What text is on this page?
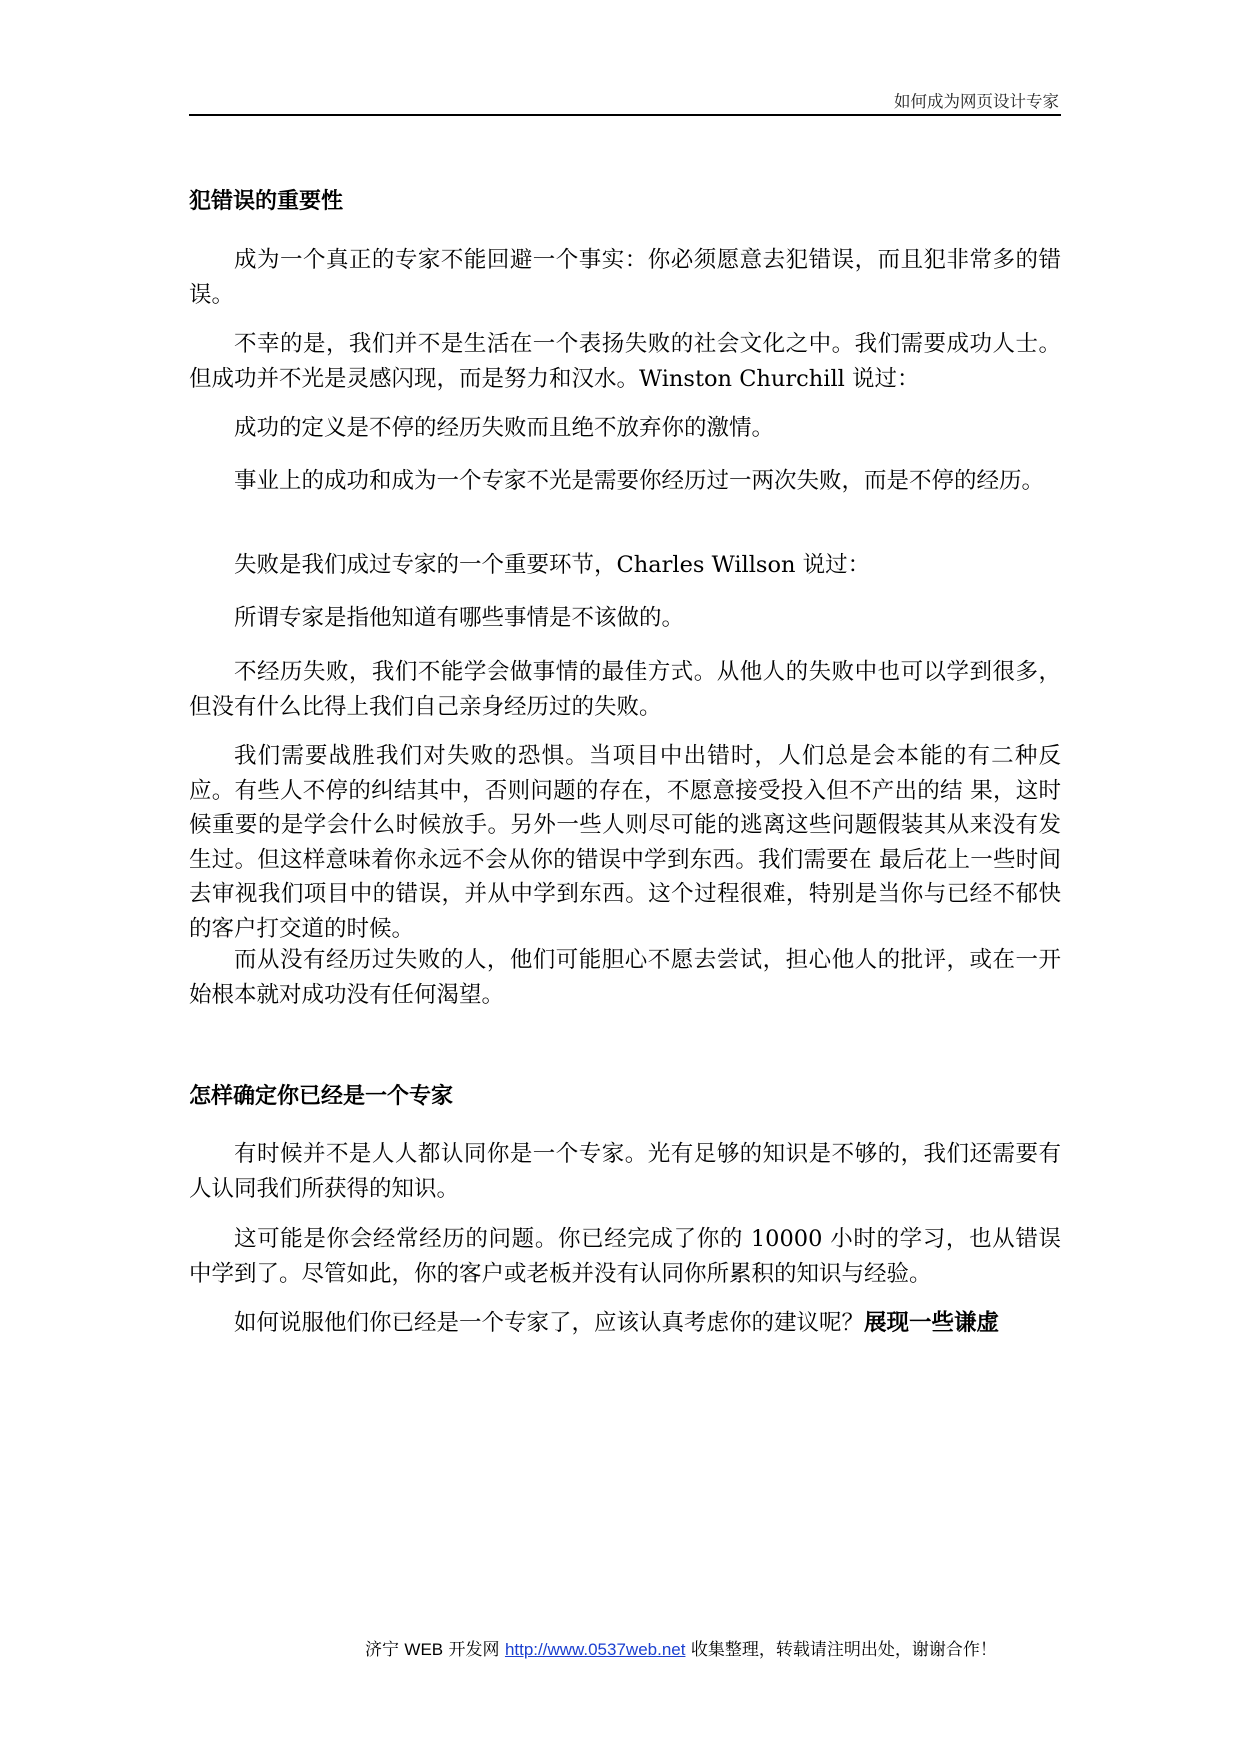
如何成为网页设计专家
犯错误的重要性

成为一个真正的专家不能回避一个事实：你必须愿意去犯错误，而且犯非常多的错误。

不幸的是，我们并不是生活在一个表扬失败的社会文化之中。我们需要成功人士。但成功并不光是灵感闪现，而是努力和汉水。Winston Churchill 说过：

成功的定义是不停的经历失败而且绝不放弃你的激情。

事业上的成功和成为一个专家不光是需要你经历过一两次失败，而是不停的经历。

失败是我们成过专家的一个重要环节，Charles Willson 说过：

所谓专家是指他知道有哪些事情是不该做的。

不经历失败，我们不能学会做事情的最佳方式。从他人的失败中也可以学到很多，但没有什么比得上我们自己亲身经历过的失败。

我们需要战胜我们对失败的恐惧。当项目中出错时，人们总是会本能的有二种反应。有些人不停的纠结其中，否则问题的存在，不愿意接受投入但不产出的结 果，这时候重要的是学会什么时候放手。另外一些人则尽可能的逃离这些问题假装其从来没有发生过。但这样意味着你永远不会从你的错误中学到东西。我们需要在 最后花上一些时间去审视我们项目中的错误，并从中学到东西。这个过程很难，特别是当你与已经不郁快的客户打交道的时候。

而从没有经历过失败的人，他们可能胆心不愿去尝试，担心他人的批评，或在一开始根本就对成功没有任何渴望。

怎样确定你已经是一个专家

有时候并不是人人都认同你是一个专家。光有足够的知识是不够的，我们还需要有人认同我们所获得的知识。

这可能是你会经常经历的问题。你已经完成了你的 10000 小时的学习，也从错误中学到了。尽管如此，你的客户或老板并没有认同你所累积的知识与经验。

如何说服他们你已经是一个专家了，应该认真考虑你的建议呢？展现一些谦虚

济宁 WEB 开发网 http://www.0537web.net 收集整理，转载请注明出处，谢谢合作！
